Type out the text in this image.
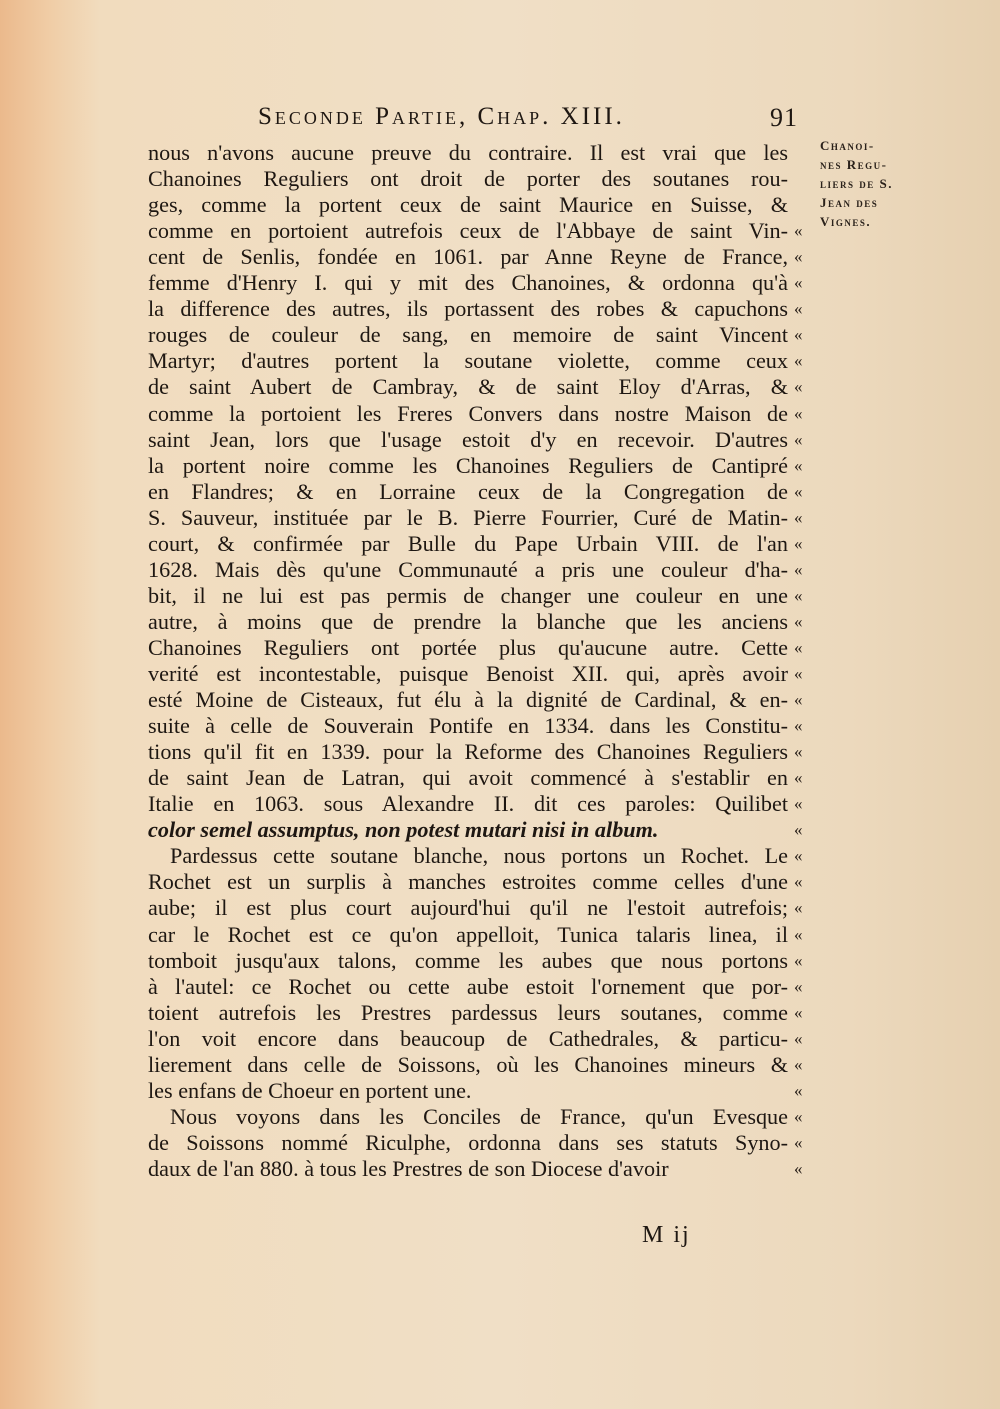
Seconde Partie, Chap. XIII.	91
Chanoi-
nes Regu-
liers de S.
Jean des
Vignes.
nous n'avons aucune preuve du contraire. Il est vrai que les
Chanoines Reguliers ont droit de porter des soutanes rou-
ges, comme la portent ceux de saint Maurice en Suisse, &
comme en portoient autrefois ceux de l'Abbaye de saint Vin-
cent de Senlis, fondée en 1061. par Anne Reyne de France,
femme d'Henry I. qui y mit des Chanoines, & ordonna qu'à
la difference des autres, ils portassent des robes & capuchons
rouges de couleur de sang, en memoire de saint Vincent
Martyr; d'autres portent la soutane violette, comme ceux
de saint Aubert de Cambray, & de saint Eloy d'Arras, &
comme la portoient les Freres Convers dans nostre Maison de
saint Jean, lors que l'usage estoit d'y en recevoir. D'autres
la portent noire comme les Chanoines Reguliers de Cantipré
en Flandres; & en Lorraine ceux de la Congregation de
S. Sauveur, instituée par le B. Pierre Fourrier, Curé de Matin-
court, & confirmée par Bulle du Pape Urbain VIII. de l'an
1628. Mais dès qu'une Communauté a pris une couleur d'ha-
bit, il ne lui est pas permis de changer une couleur en une
autre, à moins que de prendre la blanche que les anciens
Chanoines Reguliers ont portée plus qu'aucune autre. Cette
verité est incontestable, puisque Benoist XII. qui, après avoir
esté Moine de Cisteaux, fut élu à la dignité de Cardinal, & en-
suite à celle de Souverain Pontife en 1334. dans les Constitu-
tions qu'il fit en 1339. pour la Reforme des Chanoines Reguliers
de saint Jean de Latran, qui avoit commencé à s'establir en
Italie en 1063. sous Alexandre II. dit ces paroles: Quilibet
color semel assumptus, non potest mutari nisi in album.
Pardessus cette soutane blanche, nous portons un Rochet. Le
Rochet est un surplis à manches estroites comme celles d'une
aube; il est plus court aujourd'hui qu'il ne l'estoit autrefois;
car le Rochet est ce qu'on appelloit, Tunica talaris linea, il
tomboit jusqu'aux talons, comme les aubes que nous portons
à l'autel: ce Rochet ou cette aube estoit l'ornement que por-
toient autrefois les Prestres pardessus leurs soutanes, comme
l'on voit encore dans beaucoup de Cathedrales, & particu-
lierement dans celle de Soissons, où les Chanoines mineurs &
les enfans de Choeur en portent une.
Nous voyons dans les Conciles de France, qu'un Evesque
de Soissons nommé Riculphe, ordonna dans ses statuts Syno-
daux de l'an 880. à tous les Prestres de son Diocese d'avoir
«
«
«
«
«
«
«
«
«
«
«
«
«
«
«
«
«
«
«
«
«
«
«
«
«
«
«
«
«
«
«
«
«
«
«
«
«
M ij
